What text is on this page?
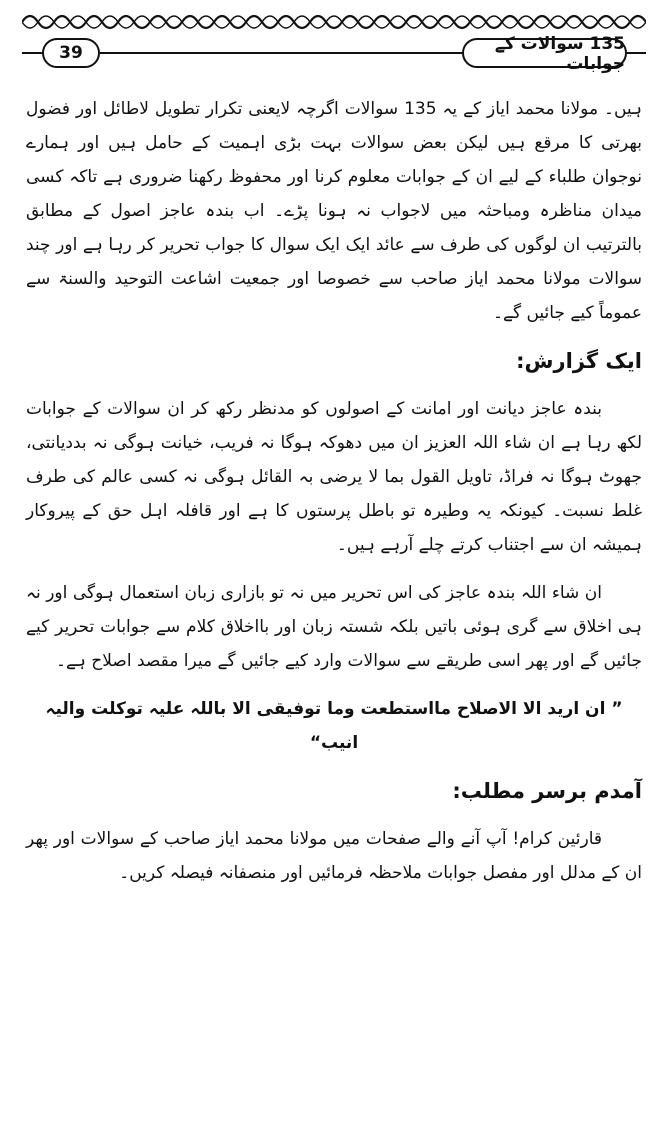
39	135 سوالات کے جوابات

ہیں۔ مولانا محمد ایاز کے یہ 135 سوالات اگرچہ لایعنی تکرار تطویل لاطائل اور فضول بھرتی کا مرقع ہیں لیکن بعض سوالات بہت بڑی اہمیت کے حامل ہیں اور ہمارے نوجوان طلباء کے لیے ان کے جوابات معلوم کرنا اور محفوظ رکھنا ضروری ہے تاکہ کسی میدان مناظرہ ومباحثہ میں لاجواب نہ ہونا پڑے۔ اب بندہ عاجز اصول کے مطابق بالترتیب ان لوگوں کی طرف سے عائد ایک ایک سوال کا جواب تحریر کر رہا ہے اور چند سوالات مولانا محمد ایاز صاحب سے خصوصا اور جمعیت اشاعت التوحید والسنۃ سے عموماً کیے جائیں گے۔

ایک گزارش:

بندہ عاجز دیانت اور امانت کے اصولوں کو مدنظر رکھ کر ان سوالات کے جوابات لکھ رہا ہے ان شاء اللہ العزیز ان میں دھوکہ ہوگا نہ فریب، خیانت ہوگی نہ بددیانتی، جھوٹ ہوگا نہ فراڈ، تاویل القول بما لا یرضی بہ القائل ہوگی نہ کسی عالم کی طرف غلط نسبت۔ کیونکہ یہ وطیرہ تو باطل پرستوں کا ہے اور قافلہ اہل حق کے پیروکار ہمیشہ ان سے اجتناب کرتے چلے آرہے ہیں۔

ان شاء اللہ بندہ عاجز کی اس تحریر میں نہ تو بازاری زبان استعمال ہوگی اور نہ ہی اخلاق سے گری ہوئی باتیں بلکہ شستہ زبان اور بااخلاق کلام سے جوابات تحریر کیے جائیں گے اور پھر اسی طریقے سے سوالات وارد کیے جائیں گے میرا مقصد اصلاح ہے۔

” ان ارید الا الاصلاح مااستطعت وما توفیقی الا باللہ علیہ توکلت والیہ انیب“

آمدم برسر مطلب:

قارئین کرام! آپ آنے والے صفحات میں مولانا محمد ایاز صاحب کے سوالات اور پھر ان کے مدلل اور مفصل جوابات ملاحظہ فرمائیں اور منصفانہ فیصلہ کریں۔
